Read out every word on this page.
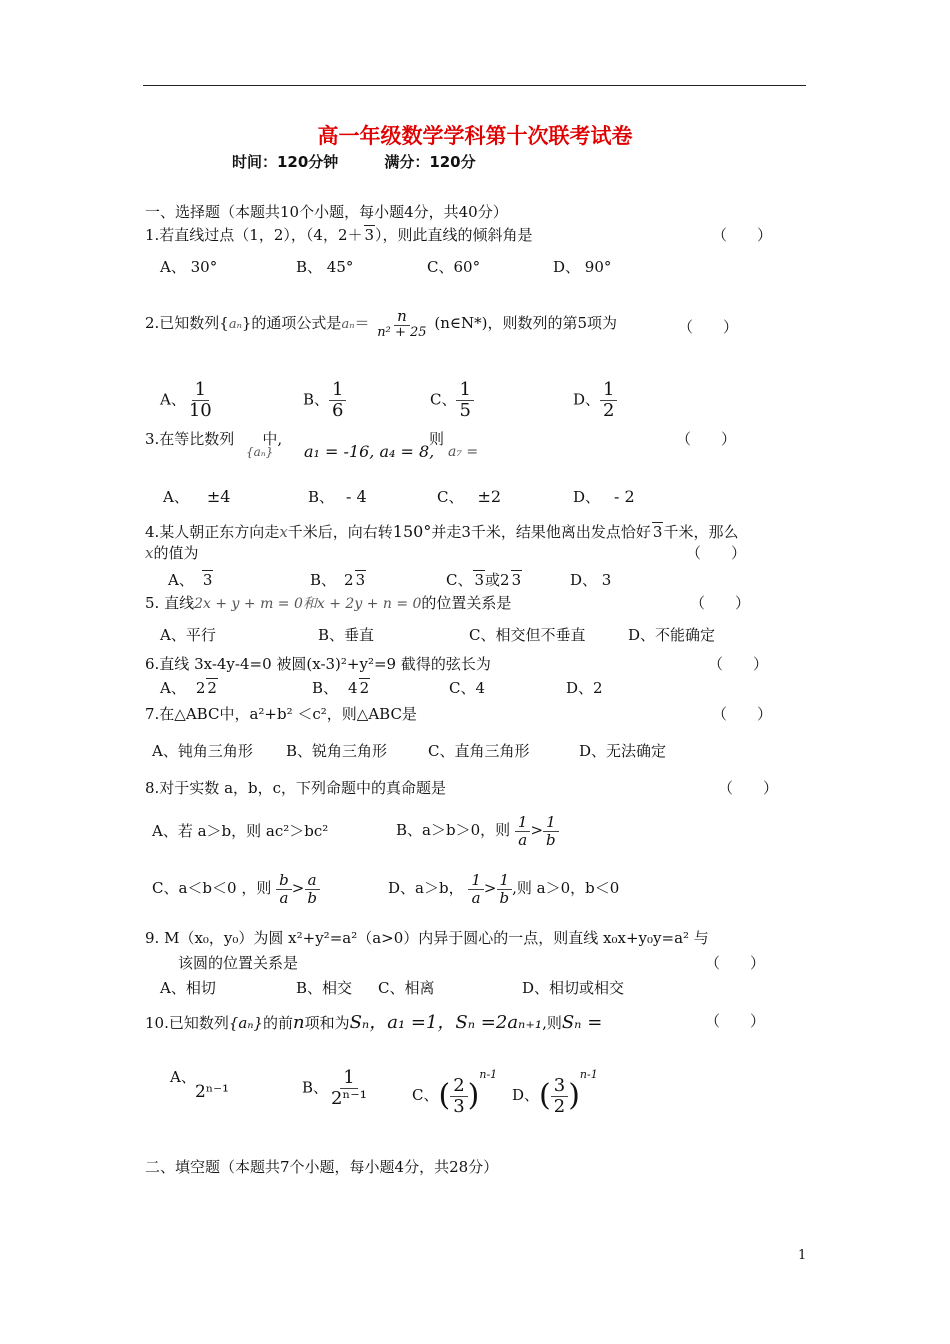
高一年级数学学科第十次联考试卷
时间：120分钟	满分：120分
一、选择题（本题共10个小题，每小题4分，共40分）
1.若直线过点（1，2），（4，2＋ 3），则此直线的倾斜角是	（　　）
A、 30°	B、 45°	C、60°	D、 90°
2.已知数列{aₙ}的通项公式是$a_n= \frac{n}{\text{n² + 25}}$ (n∈N*)，则数列的第5项为	（　　）
A、 $\frac{1}{10}$	B、 $\frac{1}{6}$	C、 $\frac{1}{5}$	D、 $\frac{1}{2}$
3.在等比数列 中,
{aₙ} a₁ = -16, a₄ = 8,
则
a₇ =
（　　）
A、 ±4	B、 - 4	C、 ±2	D、 - 2
4.某人朝正东方向走x千米后，向右转150°并走3千米，结果他离出发点恰好 3千米，那么
x的值为	（　　）
A、 3	B、 2 3	C、 3或2 3	D、 3
5. 直线2x + y + m = 0和x + 2y + n = 0的位置关系是	（　　）
A、平行	B、垂直	C、相交但不垂直	D、不能确定
6.直线 3x-4y-4=0 被圆(x-3)²+y²=9 截得的弦长为	（　　）
A、 2 2	B、 4 2	C、4	D、2
7.在△ABC中，a²+b² ＜c²，则△ABC是	（　　）
A、钝角三角形 B、锐角三角形	C、直角三角形	D、无法确定
8.对于实数 a，b，c，下列命题中的真命题是	（　　）
A、若 a＞b，则 ac²＞bc²	B、a＞b＞0，则 $\frac{1}{a} > \frac{1}{b}$
C、a＜b＜0 ，则 $\frac{b}{a} > \frac{a}{b}$	D、a＞b， $\frac{1}{a} > \frac{1}{b}$ ,则 a＞0，b＜0
9. M（x₀，y₀）为圆 x²+y²=a²（a>0）内异于圆心的一点，则直线 x₀x+y₀y=a² 与
该圆的位置关系是	（　　）
A、相切	B、相交 C、相离	D、相切或相交
10.已知数列{aₙ}的前n项和为Sₙ，a₁ =1，Sₙ =2aₙ₊₁,则Sₙ =	（　　）
A、
2ⁿ⁻¹	B、 $\frac{1}{\text{2ⁿ⁻¹}}$	C、( $\frac{2}{3} )^{n-1}$
D、( $\frac{3}{2} )^{n-1}$
二、填空题（本题共7个小题，每小题4分，共28分）
1
